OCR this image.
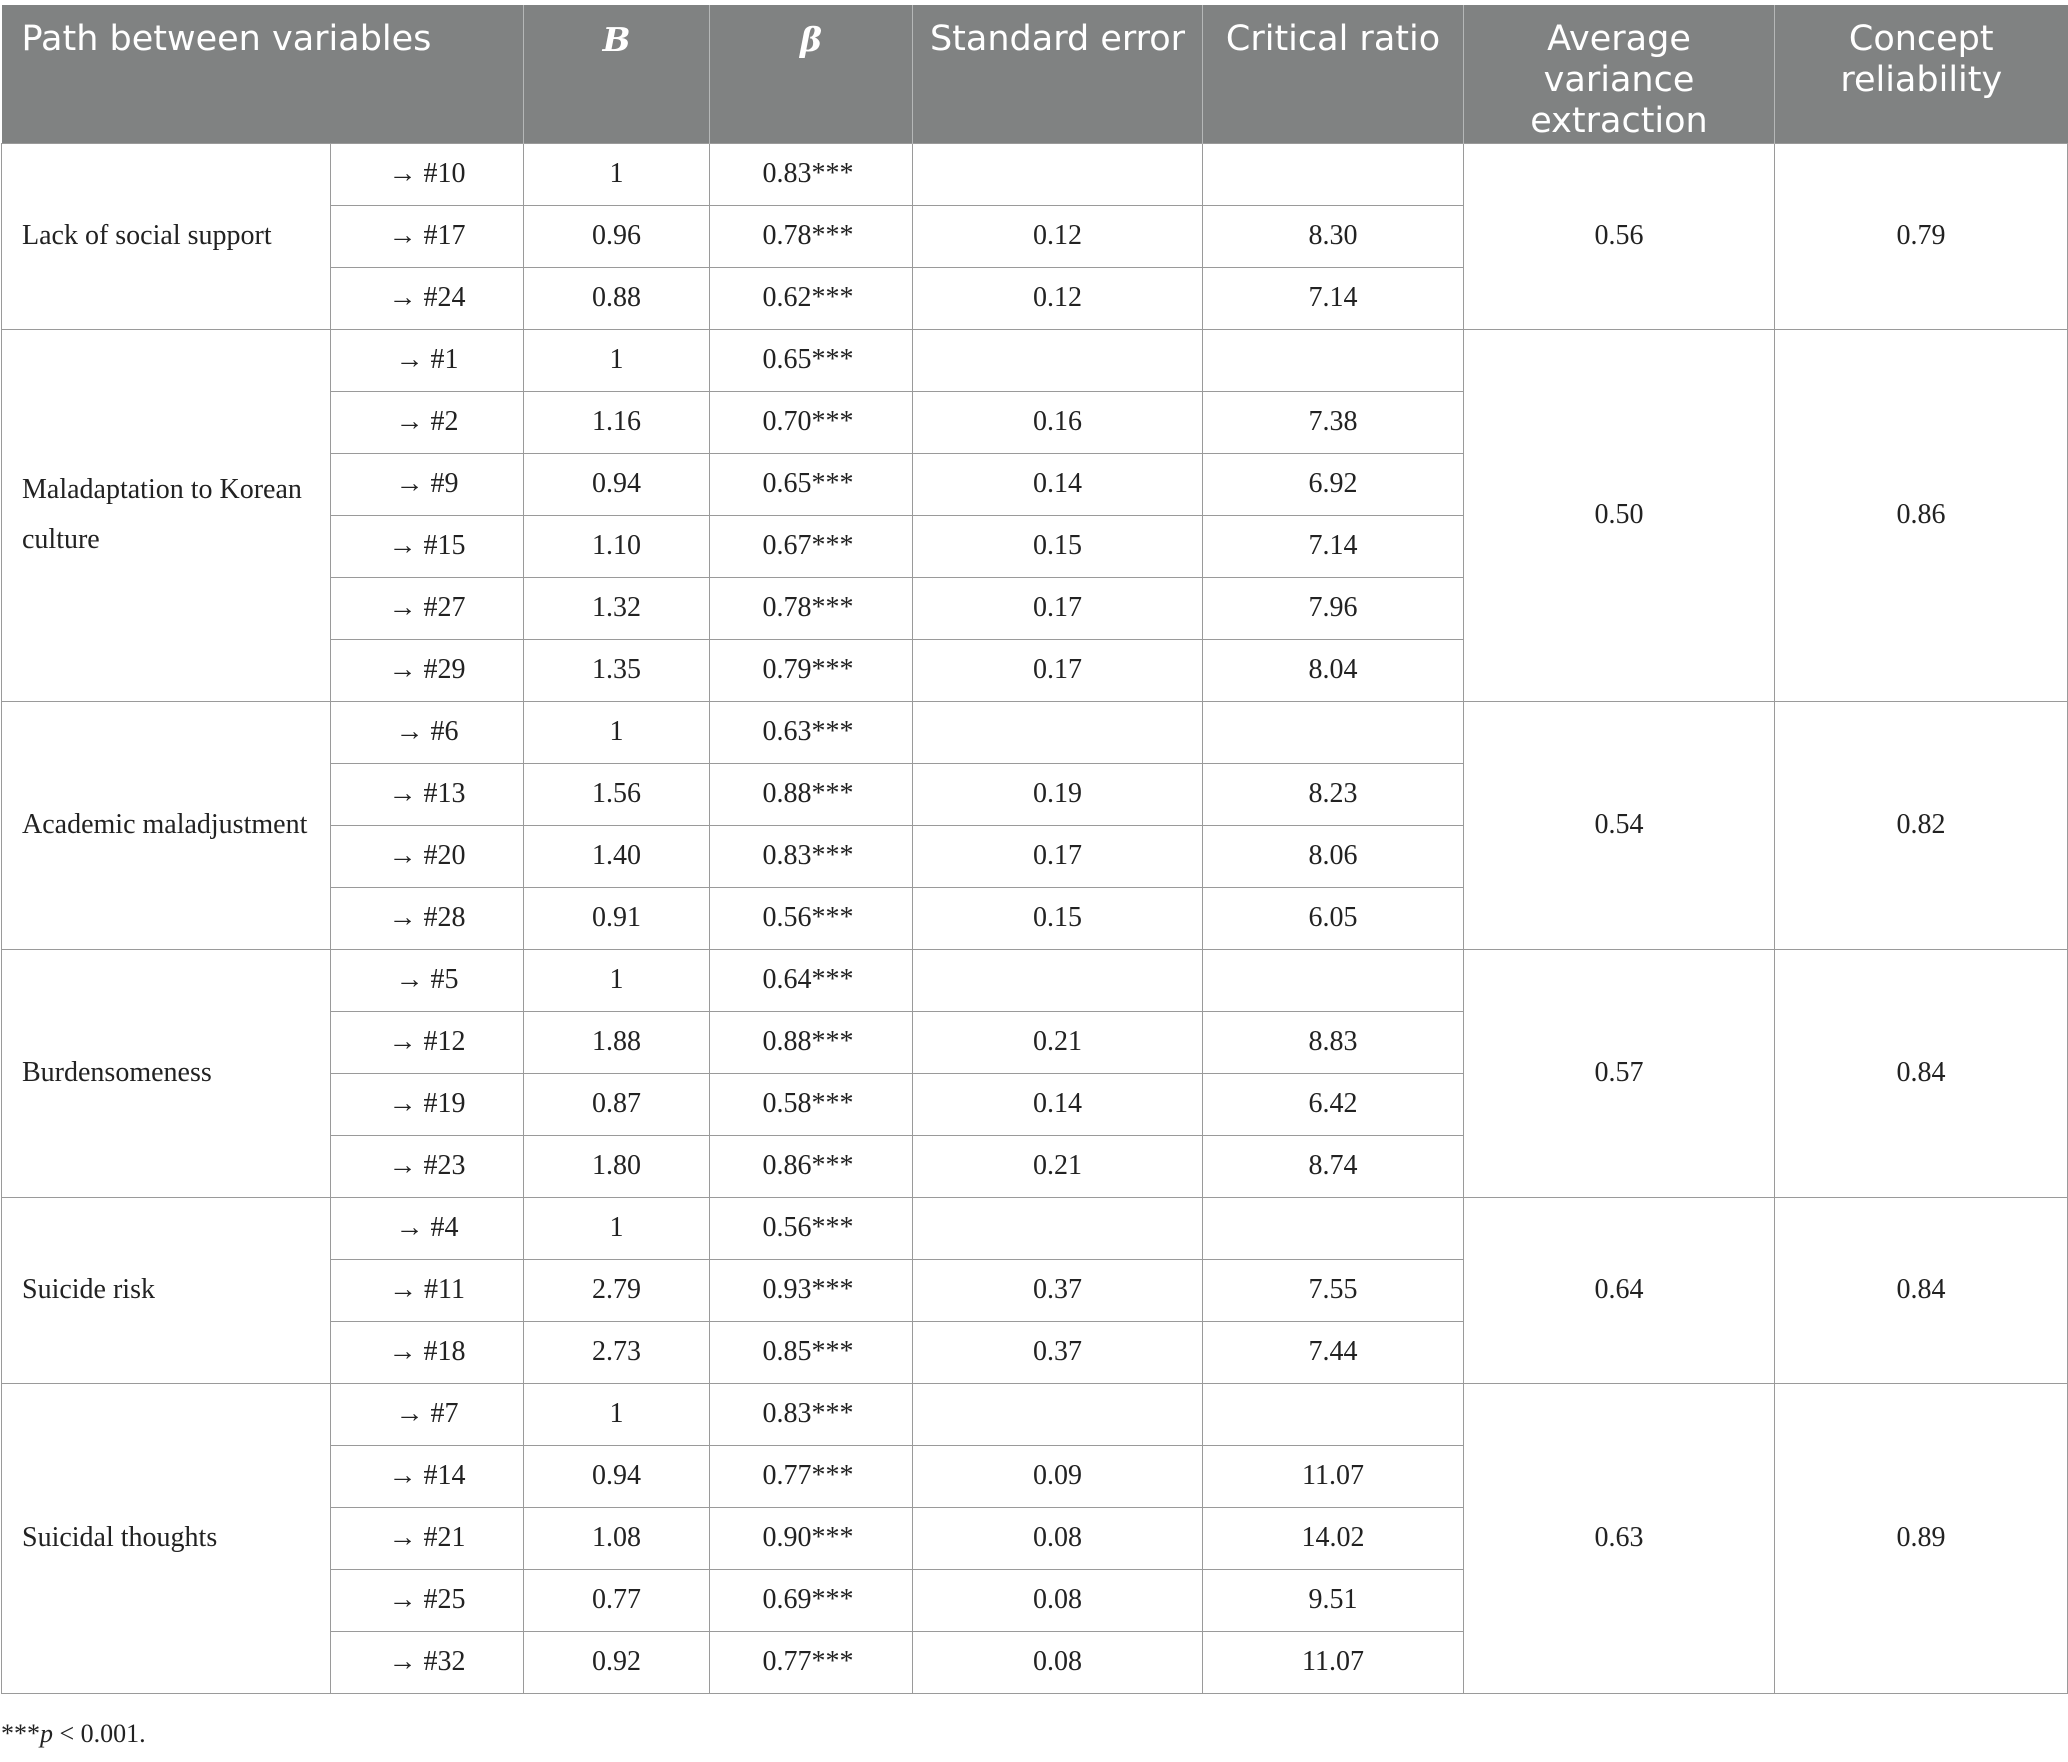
Path between variables		B	β	Standard error	Critical ratio	Average variance extraction	Concept reliability
Lack of social support	→ #10	1	0.83***			0.56	0.79
	→ #17	0.96	0.78***	0.12	8.30		
	→ #24	0.88	0.62***	0.12	7.14		
Maladaptation to Korean culture	→ #1	1	0.65***			0.50	0.86
	→ #2	1.16	0.70***	0.16	7.38		
	→ #9	0.94	0.65***	0.14	6.92		
	→ #15	1.10	0.67***	0.15	7.14		
	→ #27	1.32	0.78***	0.17	7.96		
	→ #29	1.35	0.79***	0.17	8.04		
Academic maladjustment	→ #6	1	0.63***			0.54	0.82
	→ #13	1.56	0.88***	0.19	8.23		
	→ #20	1.40	0.83***	0.17	8.06		
	→ #28	0.91	0.56***	0.15	6.05		
Burdensomeness	→ #5	1	0.64***			0.57	0.84
	→ #12	1.88	0.88***	0.21	8.83		
	→ #19	0.87	0.58***	0.14	6.42		
	→ #23	1.80	0.86***	0.21	8.74		
Suicide risk	→ #4	1	0.56***			0.64	0.84
	→ #11	2.79	0.93***	0.37	7.55		
	→ #18	2.73	0.85***	0.37	7.44		
Suicidal thoughts	→ #7	1	0.83***			0.63	0.89
	→ #14	0.94	0.77***	0.09	11.07		
	→ #21	1.08	0.90***	0.08	14.02		
	→ #25	0.77	0.69***	0.08	9.51		
	→ #32	0.92	0.77***	0.08	11.07		
***p < 0.001.
